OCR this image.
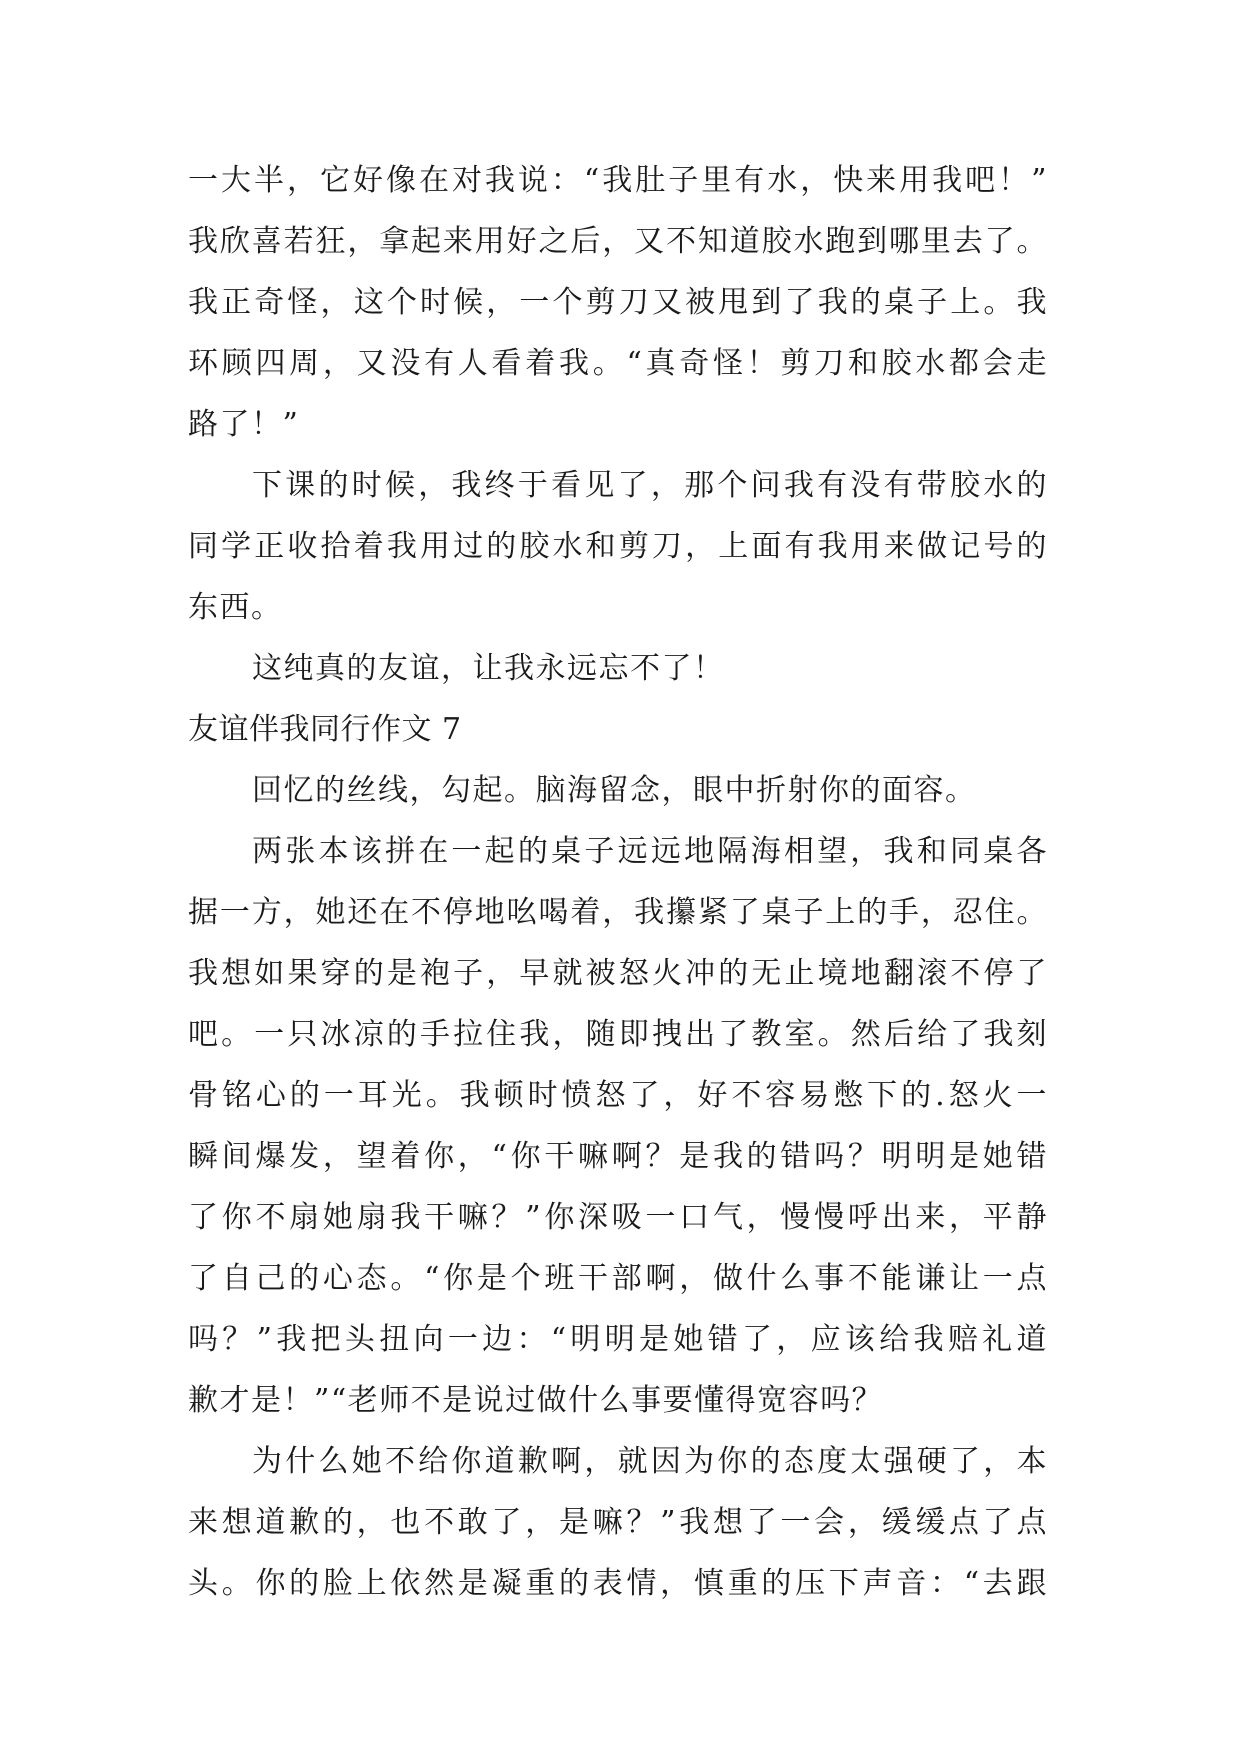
一大半，它好像在对我说：“我肚子里有水，快来用我吧！”
我欣喜若狂，拿起来用好之后，又不知道胶水跑到哪里去了。
我正奇怪，这个时候，一个剪刀又被甩到了我的桌子上。我
环顾四周，又没有人看着我。“真奇怪！剪刀和胶水都会走
路了！”
下课的时候，我终于看见了，那个问我有没有带胶水的
同学正收拾着我用过的胶水和剪刀，上面有我用来做记号的
东西。
这纯真的友谊，让我永远忘不了！
友谊伴我同行作文 7
回忆的丝线，勾起。脑海留念，眼中折射你的面容。
两张本该拼在一起的桌子远远地隔海相望，我和同桌各
据一方，她还在不停地吆喝着，我攥紧了桌子上的手，忍住。
我想如果穿的是袍子，早就被怒火冲的无止境地翻滚不停了
吧。一只冰凉的手拉住我，随即拽出了教室。然后给了我刻
骨铭心的一耳光。我顿时愤怒了，好不容易憋下的.怒火一
瞬间爆发，望着你，“你干嘛啊？是我的错吗？明明是她错
了你不扇她扇我干嘛？”你深吸一口气，慢慢呼出来，平静
了自己的心态。“你是个班干部啊，做什么事不能谦让一点
吗？”我把头扭向一边：“明明是她错了，应该给我赔礼道
歉才是！”“老师不是说过做什么事要懂得宽容吗？
为什么她不给你道歉啊，就因为你的态度太强硬了，本
来想道歉的，也不敢了，是嘛？”我想了一会，缓缓点了点
头。你的脸上依然是凝重的表情，慎重的压下声音：“去跟
